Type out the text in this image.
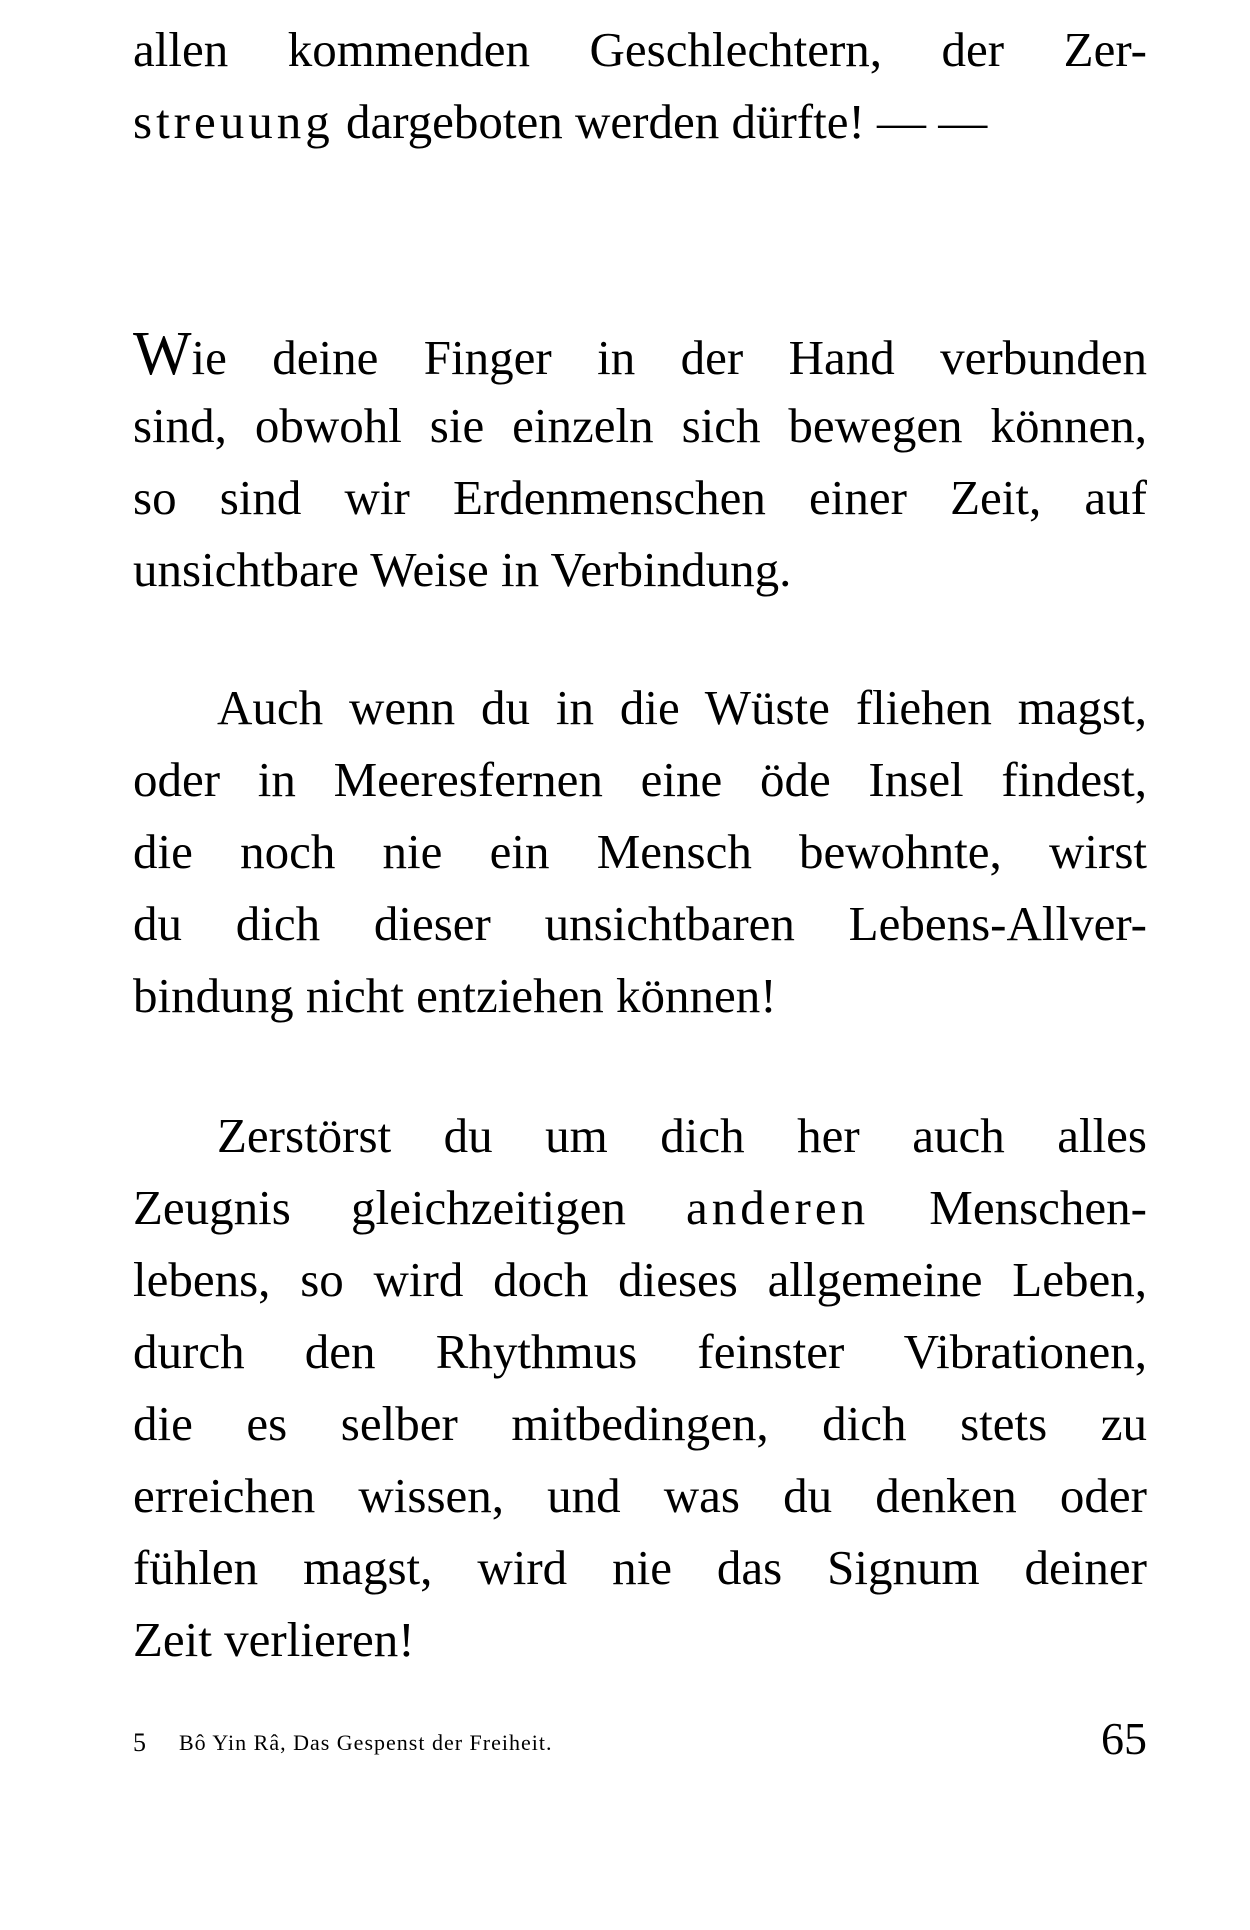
allen kommenden Geschlechtern, der Zer-
streuung dargeboten werden dürfte! — —
Wie deine Finger in der Hand verbunden
sind, obwohl sie einzeln sich bewegen können,
so sind wir Erdenmenschen einer Zeit, auf
unsichtbare Weise in Verbindung.
Auch wenn du in die Wüste fliehen magst,
oder in Meeresfernen eine öde Insel findest,
die noch nie ein Mensch bewohnte, wirst
du dich dieser unsichtbaren Lebens-Allver-
bindung nicht entziehen können!
Zerstörst du um dich her auch alles
Zeugnis gleichzeitigen anderen Menschen-
lebens, so wird doch dieses allgemeine Leben,
durch den Rhythmus feinster Vibrationen,
die es selber mitbedingen, dich stets zu
erreichen wissen, und was du denken oder
fühlen magst, wird nie das Signum deiner
Zeit verlieren!
5 Bô Yin Râ, Das Gespenst der Freiheit.	65
